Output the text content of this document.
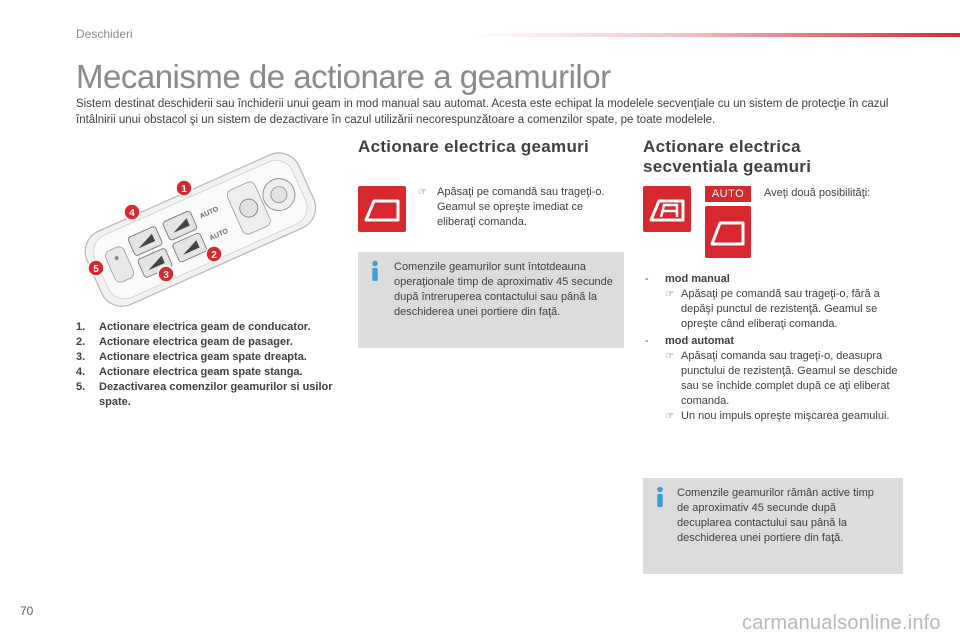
Deschideri
Mecanisme de actionare a geamurilor
Sistem destinat deschiderii sau închiderii unui geam in mod manual sau automat. Acesta este echipat la modelele secvenţiale cu un sistem de protecţie în cazul întâlnirii unui obstacol şi un sistem de dezactivare în cazul utilizării necorespunzătoare a comenzilor spate, pe toate modelele.
AUTO
AUTO
1
2
3
4
5
1.	Actionare electrica geam de conducator.
2.	Actionare electrica geam de pasager.
3.	Actionare electrica geam spate dreapta.
4.	Actionare electrica geam spate stanga.
5.	Dezactivarea comenzilor geamurilor si usilor spate.
Actionare electrica geamuri
☞ Apăsaţi pe comandă sau trageţi-o. Geamul se opreşte imediat ce eliberaţi comanda.
Comenzile geamurilor sunt întotdeauna operaţionale timp de aproximativ 45 secunde după întreruperea contactului sau până la deschiderea unei portiere din faţă.
Actionare electrica
secventiala geamuri
AUTO	Aveţi două posibilităţi:
- mod manual
☞ Apăsaţi pe comandă sau trageţi-o, fără a depăşi punctul de rezistenţă. Geamul se opreşte când eliberaţi comanda.
- mod automat
☞ Apăsaţi comanda sau trageţi-o, deasupra punctului de rezistenţă. Geamul se deschide sau se închide complet după ce aţi eliberat comanda.
☞ Un nou impuls opreşte mişcarea geamului.
Comenzile geamurilor rămân active timp de aproximativ 45 secunde după decuplarea contactului sau până la deschiderea unei portiere din faţă.
70
carmanualsonline.info
